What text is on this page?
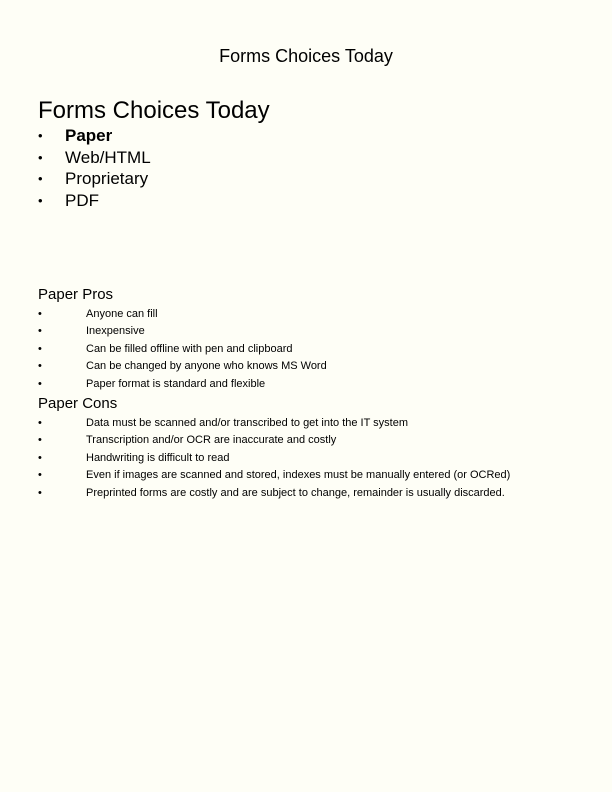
Forms Choices Today
Forms Choices Today
• Paper
• Web/HTML
• Proprietary
• PDF
Paper Pros
•	Anyone can fill
•	Inexpensive
•	Can be filled offline with pen and clipboard
•	Can be changed by anyone who knows MS Word
•	Paper format is standard and flexible
Paper Cons
•	Data must be scanned and/or transcribed to get into the IT system
•	Transcription and/or OCR are inaccurate and costly
•	Handwriting is difficult to read
•	Even if images are scanned and stored, indexes must be manually entered (or OCRed)
•	Preprinted forms are costly and are subject to change, remainder is usually discarded.
